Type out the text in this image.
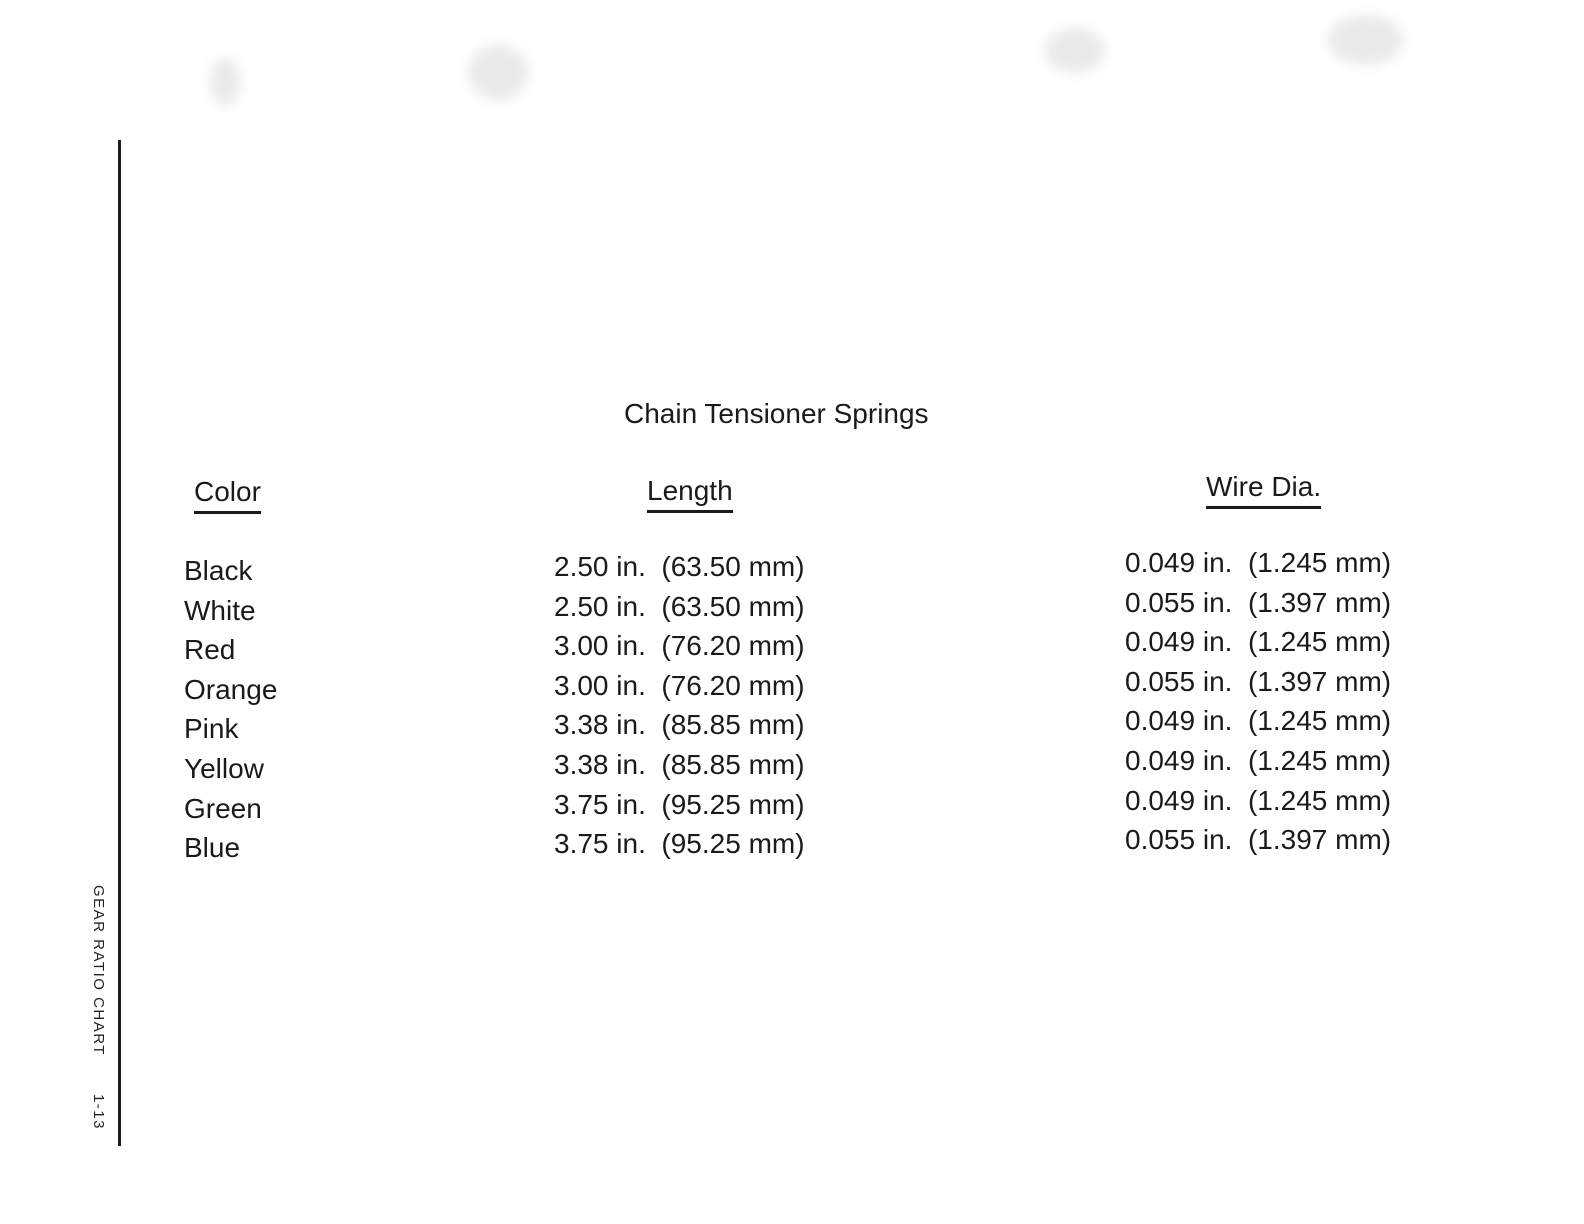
GEAR RATIO CHART1-13
Chain Tensioner Springs
Color	Length	Wire Dia.
Black	2.50 in.  (63.50 mm)	0.049 in.  (1.245 mm)
White	2.50 in.  (63.50 mm)	0.055 in.  (1.397 mm)
Red	3.00 in.  (76.20 mm)	0.049 in.  (1.245 mm)
Orange	3.00 in.  (76.20 mm)	0.055 in.  (1.397 mm)
Pink	3.38 in.  (85.85 mm)	0.049 in.  (1.245 mm)
Yellow	3.38 in.  (85.85 mm)	0.049 in.  (1.245 mm)
Green	3.75 in.  (95.25 mm)	0.049 in.  (1.245 mm)
Blue	3.75 in.  (95.25 mm)	0.055 in.  (1.397 mm)
